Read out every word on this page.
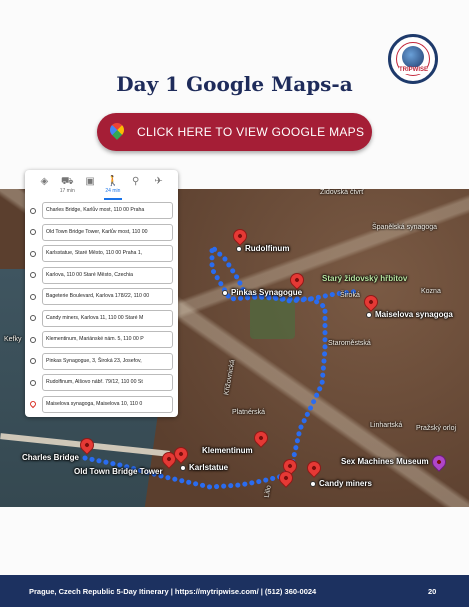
TRIPWISE
Day 1 Google Maps-a
CLICK HERE TO VIEW GOOGLE MAPS
Rudolfinum
Pinkas Synagogue
Maiselova synagoga
Charles Bridge
Old Town Bridge Tower	Karlstatue
Klementinum
Candy miners
Starý židovský hřbitov
Sex Machines Museum
Židovská čtvrť
Španělská synagoga
Široká
Kozna
Staroměstská
Křižovnická
Platnérská
Linhartská Pražský orloj
Kefky
Lilio
◈	⛟
17 min
▣	🚶
24 min
⚲	✈
Charles Bridge, Karlův most, 110 00 Praha
Old Town Bridge Tower, Karlův most, 110 00
Karlsstatue, Staré Město, 110 00 Praha 1,
Karlova, 110 00 Staré Město, Czechia
Bageterie Boulevard, Karlova 178/22, 110 00
Candy miners, Karlova 11, 110 00 Staré M
Klementinum, Mariánské nám. 5, 110 00 P
Pinkas Synagogue, 3, Široká 23, Josefov,
Rudolfinum, Alšovo nábř. 79/12, 110 00 St
Maiselova synagoga, Maiselova 10, 110 0
Prague, Czech Republic 5-Day Itinerary | https://mytripwise.com/ | (512) 360-0024	20
